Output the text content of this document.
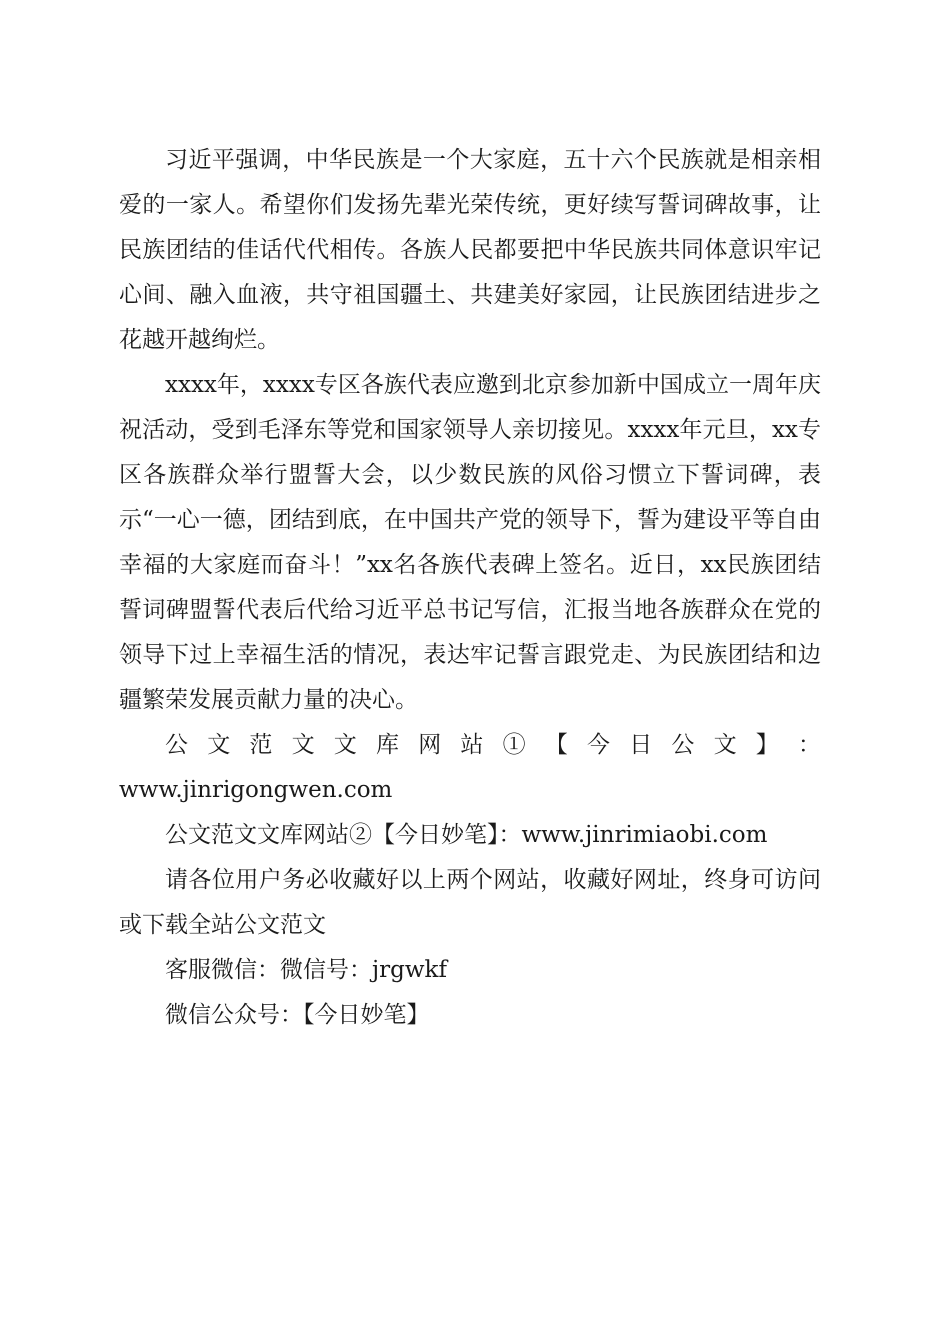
习近平强调，中华民族是一个大家庭，五十六个民族就是相亲相爱的一家人。希望你们发扬先辈光荣传统，更好续写誓词碑故事，让民族团结的佳话代代相传。各族人民都要把中华民族共同体意识牢记心间、融入血液，共守祖国疆土、共建美好家园，让民族团结进步之花越开越绚烂。

xxxx年，xxxx专区各族代表应邀到北京参加新中国成立一周年庆祝活动，受到毛泽东等党和国家领导人亲切接见。xxxx年元旦，xx专区各族群众举行盟誓大会，以少数民族的风俗习惯立下誓词碑，表示“一心一德，团结到底，在中国共产党的领导下，誓为建设平等自由幸福的大家庭而奋斗！”xx名各族代表碑上签名。近日，xx民族团结誓词碑盟誓代表后代给习近平总书记写信，汇报当地各族群众在党的领导下过上幸福生活的情况，表达牢记誓言跟党走、为民族团结和边疆繁荣发展贡献力量的决心。

公 文 范 文 文 库 网 站 ① 【 今 日 公 文 】 ：

www.jinrigongwen.com

公文范文文库网站②【今日妙笔】：www.jinrimiaobi.com

请各位用户务必收藏好以上两个网站，收藏好网址，终身可访问或下载全站公文范文

客服微信：微信号：jrgwkf

微信公众号：【今日妙笔】
